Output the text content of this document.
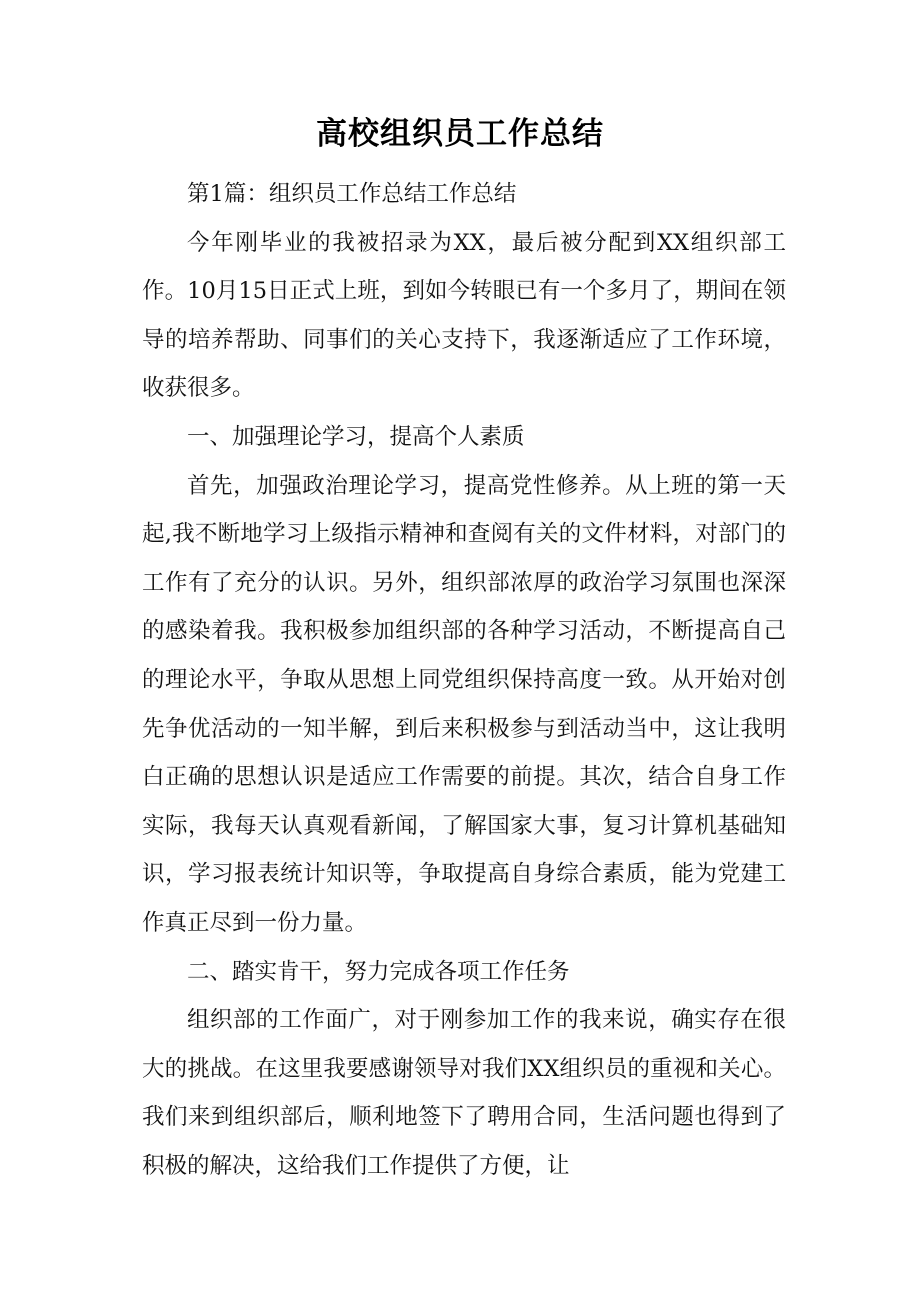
高校组织员工作总结

第1篇：组织员工作总结工作总结

今年刚毕业的我被招录为XX，最后被分配到XX组织部工作。10月15日正式上班，到如今转眼已有一个多月了，期间在领导的培养帮助、同事们的关心支持下，我逐渐适应了工作环境，收获很多。

一、加强理论学习，提高个人素质

首先，加强政治理论学习，提高党性修养。从上班的第一天起,我不断地学习上级指示精神和查阅有关的文件材料，对部门的工作有了充分的认识。另外，组织部浓厚的政治学习氛围也深深的感染着我。我积极参加组织部的各种学习活动，不断提高自己的理论水平，争取从思想上同党组织保持高度一致。从开始对创先争优活动的一知半解，到后来积极参与到活动当中，这让我明白正确的思想认识是适应工作需要的前提。其次，结合自身工作实际，我每天认真观看新闻，了解国家大事，复习计算机基础知识，学习报表统计知识等，争取提高自身综合素质，能为党建工作真正尽到一份力量。

二、踏实肯干，努力完成各项工作任务

组织部的工作面广，对于刚参加工作的我来说，确实存在很大的挑战。在这里我要感谢领导对我们XX组织员的重视和关心。我们来到组织部后，顺利地签下了聘用合同，生活问题也得到了积极的解决，这给我们工作提供了方便，让
